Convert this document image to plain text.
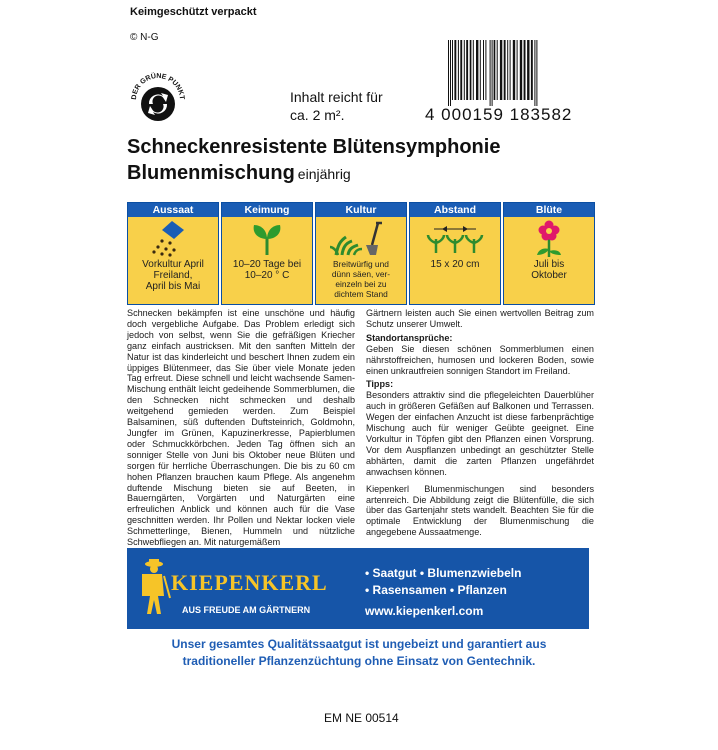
Keimgeschützt verpackt
© N-G
DER GRÜNE PUNKT	Inhalt reicht für
ca. 2 m².	4 000159 183582
Schneckenresistente Blütensymphonie
Blumenmischung einjährig
Aussaat
Vorkultur April
Freiland,
April bis Mai
Keimung
10–20 Tage bei
10–20 ° C
Kultur
Breitwürfig und
dünn säen, ver-
einzeln bei zu
dichtem Stand
Abstand
15 x 20 cm
Blüte
Juli bis
Oktober

Schnecken bekämpfen ist eine unschöne und häufig doch vergebliche Aufgabe. Das Problem erledigt sich jedoch von selbst, wenn Sie die gefräßigen Kriecher ganz einfach austricksen. Mit den sanften Mitteln der Natur ist das kinderleicht und beschert Ihnen zudem ein üppiges Blütenmeer, das Sie über viele Monate jeden Tag erfreut. Diese schnell und leicht wachsende Samen-Mischung enthält leicht gedeihende Sommerblumen, die den Schnecken nicht schmecken und deshalb weitgehend gemieden werden. Zum Beispiel Balsaminen, süß duftenden Duftsteinrich, Goldmohn, Jungfer im Grünen, Kapuzinerkresse, Papierblumen oder Schmuckkörbchen. Jeden Tag öffnen sich an sonniger Stelle von Juni bis Oktober neue Blüten und sorgen für herrliche Überraschungen. Die bis zu 60 cm hohen Pflanzen brauchen kaum Pflege. Als angenehm duftende Mischung bieten sie auf Beeten, in Bauerngärten, Vorgärten und Naturgärten eine erfreulichen Anblick und können auch für die Vase geschnitten werden. Ihr Pollen und Nektar locken viele Schmetterlinge, Bienen, Hummeln und nützliche Schwebfliegen an. Mit naturgemäßem

Gärtnern leisten auch Sie einen wertvollen Beitrag zum Schutz unserer Umwelt.

Standortansprüche:

Geben Sie diesen schönen Sommerblumen einen nährstoffreichen, humosen und lockeren Boden, sowie einen unkrautfreien sonnigen Standort im Freiland.

Tipps:

Besonders attraktiv sind die pflegeleichten Dauerblüher auch in größeren Gefäßen auf Balkonen und Terrassen. Wegen der einfachen Anzucht ist diese farbenprächtige Mischung auch für weniger Geübte geeignet. Eine Vorkultur in Töpfen gibt den Pflanzen einen Vorsprung. Vor dem Auspflanzen unbedingt an geschützter Stelle abhärten, damit die zarten Pflanzen ungefährdet anwachsen können.

Kiepenkerl Blumenmischungen sind besonders artenreich. Die Abbildung zeigt die Blütenfülle, die sich über das Gartenjahr stets wandelt. Beachten Sie für die optimale Entwicklung der Blumenmischung die angegebene Aussaatmenge.

KIEPENKERL
AUS FREUDE AM GÄRTNERN
• Saatgut • Blumenzwiebeln
• Rasensamen • Pflanzen
www.kiepenkerl.com
Unser gesamtes Qualitätssaatgut ist ungebeizt und garantiert aus
traditioneller Pflanzenzüchtung ohne Einsatz von Gentechnik.
EM NE 00514
